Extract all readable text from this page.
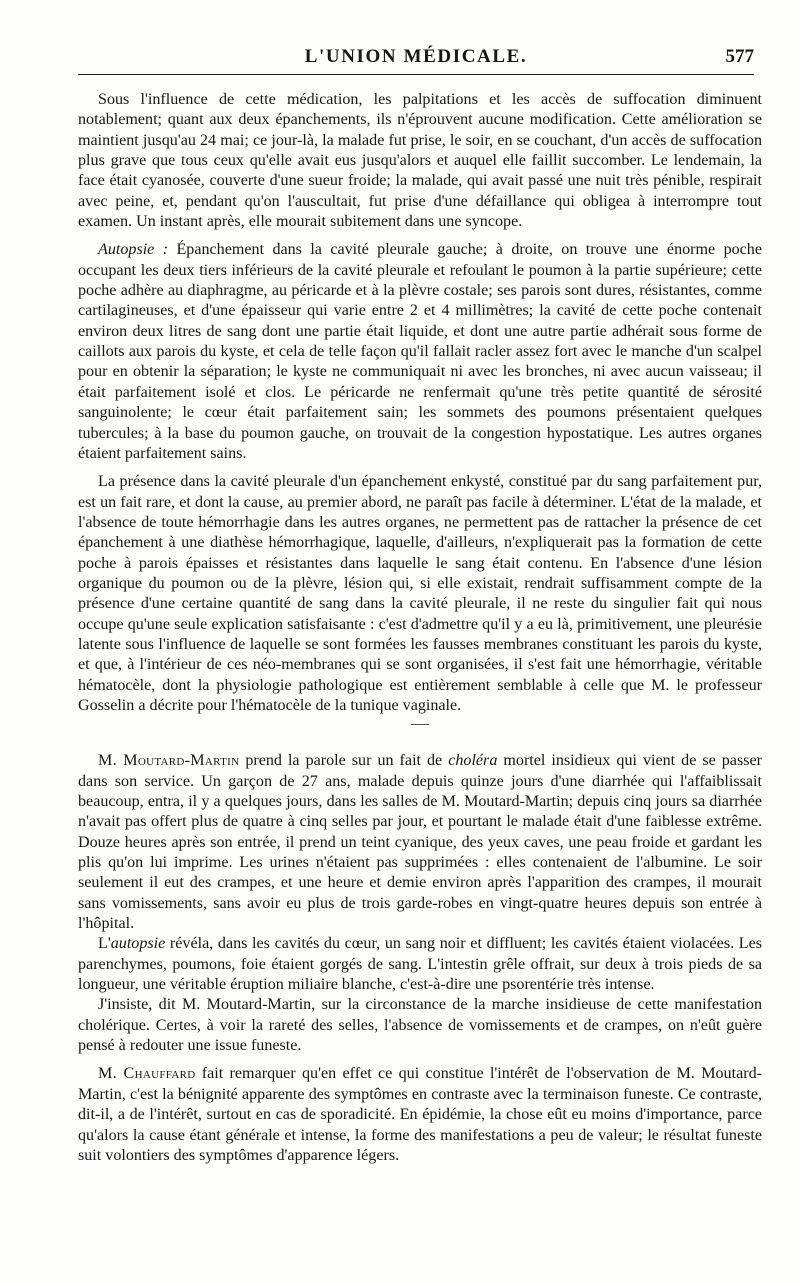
L'UNION MÉDICALE.	577

Sous l'influence de cette médication, les palpitations et les accès de suffocation diminuent notablement; quant aux deux épanchements, ils n'éprouvent aucune modification. Cette amélioration se maintient jusqu'au 24 mai; ce jour-là, la malade fut prise, le soir, en se couchant, d'un accès de suffocation plus grave que tous ceux qu'elle avait eus jusqu'alors et auquel elle faillit succomber. Le lendemain, la face était cyanosée, couverte d'une sueur froide; la malade, qui avait passé une nuit très pénible, respirait avec peine, et, pendant qu'on l'auscultait, fut prise d'une défaillance qui obligea à interrompre tout examen. Un instant après, elle mourait subitement dans une syncope.

Autopsie : Épanchement dans la cavité pleurale gauche; à droite, on trouve une énorme poche occupant les deux tiers inférieurs de la cavité pleurale et refoulant le poumon à la partie supérieure; cette poche adhère au diaphragme, au péricarde et à la plèvre costale; ses parois sont dures, résistantes, comme cartilagineuses, et d'une épaisseur qui varie entre 2 et 4 millimètres; la cavité de cette poche contenait environ deux litres de sang dont une partie était liquide, et dont une autre partie adhérait sous forme de caillots aux parois du kyste, et cela de telle façon qu'il fallait racler assez fort avec le manche d'un scalpel pour en obtenir la séparation; le kyste ne communiquait ni avec les bronches, ni avec aucun vaisseau; il était parfaitement isolé et clos. Le péricarde ne renfermait qu'une très petite quantité de sérosité sanguinolente; le cœur était parfaitement sain; les sommets des poumons présentaient quelques tubercules; à la base du poumon gauche, on trouvait de la congestion hypostatique. Les autres organes étaient parfaitement sains.

La présence dans la cavité pleurale d'un épanchement enkysté, constitué par du sang parfaitement pur, est un fait rare, et dont la cause, au premier abord, ne paraît pas facile à déterminer. L'état de la malade, et l'absence de toute hémorrhagie dans les autres organes, ne permettent pas de rattacher la présence de cet épanchement à une diathèse hémorrhagique, laquelle, d'ailleurs, n'expliquerait pas la formation de cette poche à parois épaisses et résistantes dans laquelle le sang était contenu. En l'absence d'une lésion organique du poumon ou de la plèvre, lésion qui, si elle existait, rendrait suffisamment compte de la présence d'une certaine quantité de sang dans la cavité pleurale, il ne reste du singulier fait qui nous occupe qu'une seule explication satisfaisante : c'est d'admettre qu'il y a eu là, primitivement, une pleurésie latente sous l'influence de laquelle se sont formées les fausses membranes constituant les parois du kyste, et que, à l'intérieur de ces néo-membranes qui se sont organisées, il s'est fait une hémorrhagie, véritable hématocèle, dont la physiologie pathologique est entièrement semblable à celle que M. le professeur Gosselin a décrite pour l'hématocèle de la tunique vaginale.

M. Moutard-Martin prend la parole sur un fait de choléra mortel insidieux qui vient de se passer dans son service. Un garçon de 27 ans, malade depuis quinze jours d'une diarrhée qui l'affaiblissait beaucoup, entra, il y a quelques jours, dans les salles de M. Moutard-Martin; depuis cinq jours sa diarrhée n'avait pas offert plus de quatre à cinq selles par jour, et pourtant le malade était d'une faiblesse extrême. Douze heures après son entrée, il prend un teint cyanique, des yeux caves, une peau froide et gardant les plis qu'on lui imprime. Les urines n'étaient pas supprimées : elles contenaient de l'albumine. Le soir seulement il eut des crampes, et une heure et demie environ après l'apparition des crampes, il mourait sans vomissements, sans avoir eu plus de trois garde-robes en vingt-quatre heures depuis son entrée à l'hôpital.

L'autopsie révéla, dans les cavités du cœur, un sang noir et diffluent; les cavités étaient violacées. Les parenchymes, poumons, foie étaient gorgés de sang. L'intestin grêle offrait, sur deux à trois pieds de sa longueur, une véritable éruption miliaire blanche, c'est-à-dire une psorentérie très intense.

J'insiste, dit M. Moutard-Martin, sur la circonstance de la marche insidieuse de cette manifestation cholérique. Certes, à voir la rareté des selles, l'absence de vomissements et de crampes, on n'eût guère pensé à redouter une issue funeste.

M. Chauffard fait remarquer qu'en effet ce qui constitue l'intérêt de l'observation de M. Moutard-Martin, c'est la bénignité apparente des symptômes en contraste avec la terminaison funeste. Ce contraste, dit-il, a de l'intérêt, surtout en cas de sporadicité. En épidémie, la chose eût eu moins d'importance, parce qu'alors la cause étant générale et intense, la forme des manifestations a peu de valeur; le résultat funeste suit volontiers des symptômes d'apparence légers.
